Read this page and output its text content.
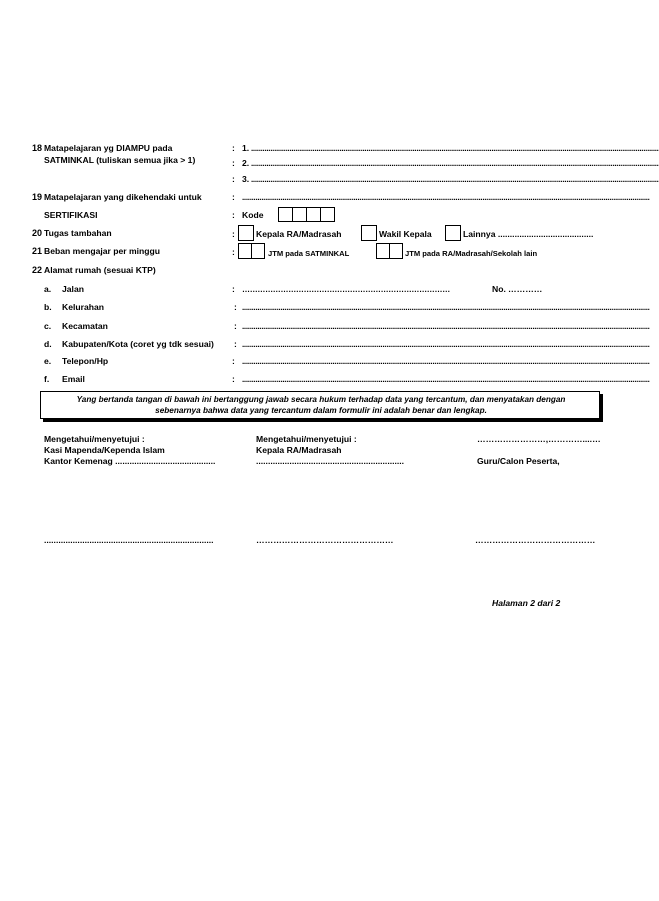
18 Matapelajaran yg DIAMPU pada
SATMINKAL (tuliskan semua jika > 1)
: 1. ....................................................................................................................................................................................................................
: 2. ....................................................................................................................................................................................................................
: 3. ....................................................................................................................................................................................................................
19 Matapelajaran yang dikehendaki untuk
SERTIFIKASI
: ....................................................................................................................................................................................................................
: Kode
20 Tugas tambahan	: Kepala RA/Madrasah	Wakil Kepala	Lainnya ........................................
21 Beban mengajar per minggu	:	JTM pada SATMINKAL	JTM pada RA/Madrasah/Sekolah lain
22 Alamat rumah (sesuai KTP)
a. Jalan	: ………………………………………………………………………	No. …………
b. Kelurahan	: ....................................................................................................................................................................................................................
c. Kecamatan	: ....................................................................................................................................................................................................................
d. Kabupaten/Kota (coret yg tdk sesuai) : ....................................................................................................................................................................................................................
e. Telepon/Hp	: ....................................................................................................................................................................................................................
f. Email	: ....................................................................................................................................................................................................................
Yang bertanda tangan di bawah ini bertanggung jawab secara hukum terhadap data yang tercantum, dan menyatakan dengan
sebenarnya bahwa data yang tercantum dalam formulir ini adalah benar dan lengkap.
Mengetahui/menyetujui :
Kasi Mapenda/Kependa Islam
Kantor Kemenag ..........................................
.......................................................................
Mengetahui/menyetujui :
Kepala RA/Madrasah
..............................................................
…………………………………………
……………………,…………....…
Guru/Calon Peserta,
……………………………………
Halaman 2 dari 2
